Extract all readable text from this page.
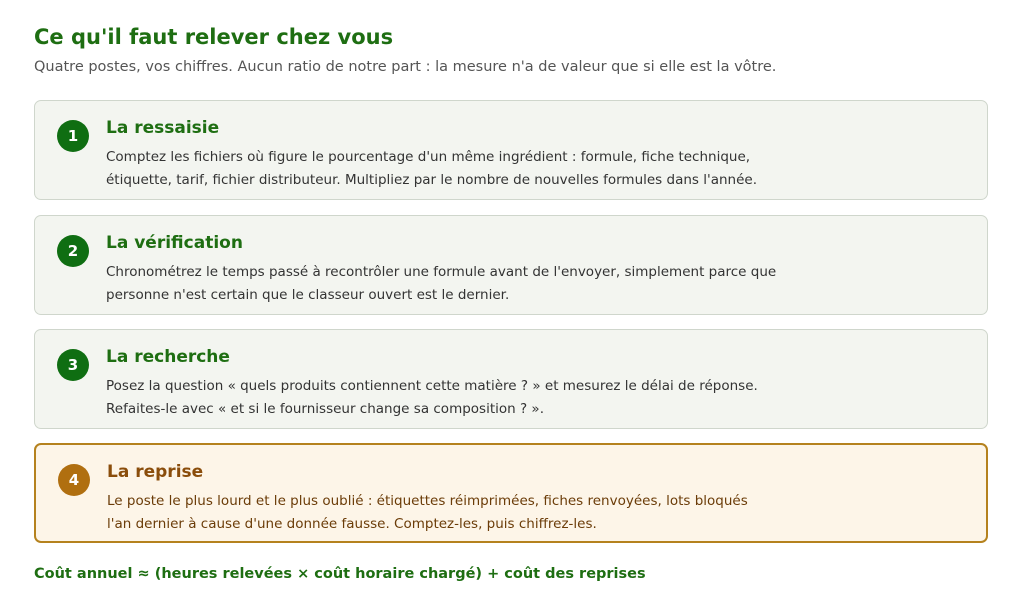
Ce qu'il faut relever chez vous

Quatre postes, vos chiffres. Aucun ratio de notre part : la mesure n'a de valeur que si elle est la vôtre.

1	La ressaisie

Comptez les fichiers où figure le pourcentage d'un même ingrédient : formule, fiche technique,
étiquette, tarif, fichier distributeur. Multipliez par le nombre de nouvelles formules dans l'année.

2	La vérification

Chronométrez le temps passé à recontrôler une formule avant de l'envoyer, simplement parce que
personne n'est certain que le classeur ouvert est le dernier.

3	La recherche

Posez la question « quels produits contiennent cette matière ? » et mesurez le délai de réponse.
Refaites-le avec « et si le fournisseur change sa composition ? ».

4	La reprise

Le poste le plus lourd et le plus oublié : étiquettes réimprimées, fiches renvoyées, lots bloqués
l'an dernier à cause d'une donnée fausse. Comptez-les, puis chiffrez-les.

Coût annuel ≈ (heures relevées × coût horaire chargé) + coût des reprises
